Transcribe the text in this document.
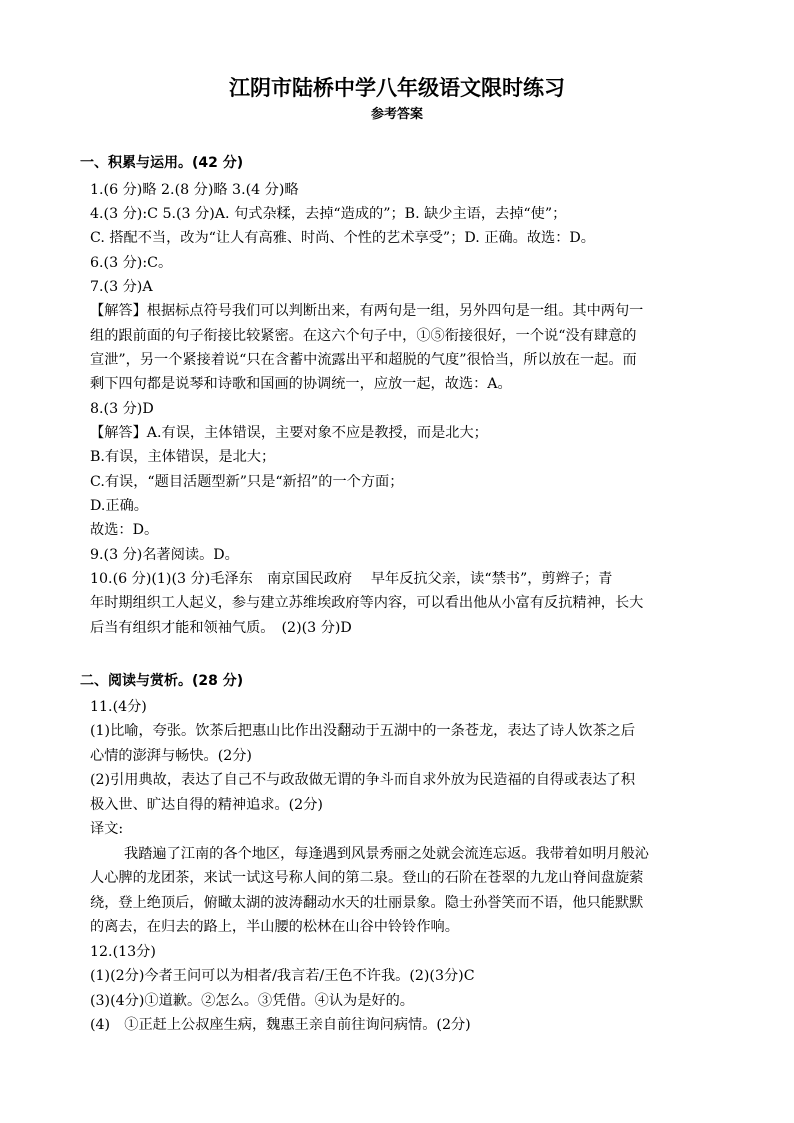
江阴市陆桥中学八年级语文限时练习
参考答案
一、积累与运用。(42 分)
1.(6 分)略 2.(8 分)略 3.(4 分)略
4.(3 分):C 5.(3 分)A. 句式杂糅，去掉“造成的”；B. 缺少主语，去掉“使”；
C. 搭配不当，改为“让人有高雅、时尚、个性的艺术享受”；D. 正确。故选：D。
6.(3 分):C。
7.(3 分)A
【解答】根据标点符号我们可以判断出来，有两句是一组，另外四句是一组。其中两句一
组的跟前面的句子衔接比较紧密。在这六个句子中，①⑤衔接很好，一个说“没有肆意的
宣泄”，另一个紧接着说“只在含蓄中流露出平和超脱的气度”很恰当，所以放在一起。而
剩下四句都是说琴和诗歌和国画的协调统一，应放一起，故选：A。
8.(3 分)D
【解答】A.有误，主体错误，主要对象不应是教授，而是北大；
B.有误，主体错误，是北大；
C.有误，“题目活题型新”只是“新招”的一个方面；
D.正确。
故选：D。
9.(3 分)名著阅读。D。
10.(6 分)(1)(3 分)毛泽东　南京国民政府　 早年反抗父亲，读“禁书”，剪辫子；青
年时期组织工人起义，参与建立苏维埃政府等内容，可以看出他从小富有反抗精神，长大
后当有组织才能和领袖气质。　(2)(3 分)D
二、阅读与赏析。(28 分)
11.(4分)
(1)比喻，夸张。饮茶后把惠山比作出没翻动于五湖中的一条苍龙，表达了诗人饮茶之后
心情的澎湃与畅快。(2分)
(2)引用典故，表达了自己不与政敌做无谓的争斗而自求外放为民造福的自得或表达了积
极入世、旷达自得的精神追求。(2分)
译文:
我踏遍了江南的各个地区，每逢遇到风景秀丽之处就会流连忘返。我带着如明月般沁
人心脾的龙团茶，来试一试这号称人间的第二泉。登山的石阶在苍翠的九龙山脊间盘旋萦
绕，登上绝顶后，俯瞰太湖的波涛翻动水天的壮丽景象。隐士孙誉笑而不语，他只能默默
的离去，在归去的路上，半山腰的松林在山谷中铃铃作响。
12.(13分)
(1)(2分)今者王问可以为相者/我言若/王色不许我。(2)(3分)C
(3)(4分)①道歉。②怎么。③凭借。④认为是好的。
(4)　①正赶上公叔座生病，魏惠王亲自前往询问病情。(2分)
